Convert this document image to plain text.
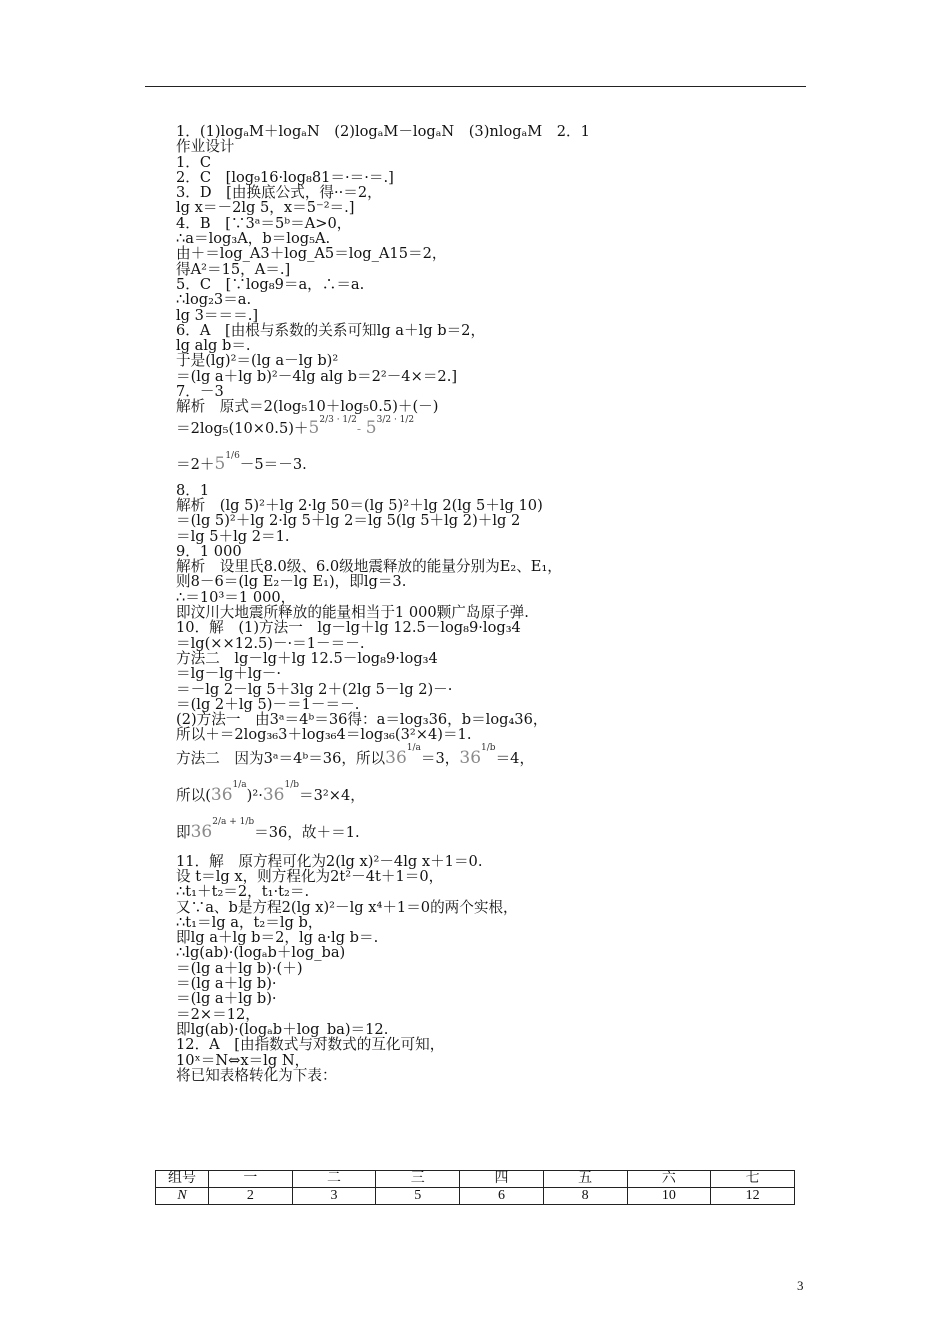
1．(1)logₐM＋logₐN　(2)logₐM－logₐN　(3)nlogₐM　2．1
作业设计
1．C
2．C　[log₉16·log₈81＝·＝·＝.]
3．D　[由换底公式，得··＝2，
lg x＝－2lg 5，x＝5⁻²＝.]
4．B　[∵3ᵃ＝5ᵇ＝A>0，
∴a＝log₃A，b＝log₅A.
由＋＝log_A3＋log_A5＝log_A15＝2，
得A²＝15，A＝.]
5．C　[∵log₈9＝a，∴＝a.
∴log₂3＝a.
lg 3＝＝＝.]
6．A　[由根与系数的关系可知lg a＋lg b＝2，
lg alg b＝.
于是(lg)²＝(lg a－lg b)²
＝(lg a＋lg b)²－4lg alg b＝2²－4×＝2.]
7．－3
解析　原式＝2(log₅10＋log₅0.5)＋(－)
＝2log₅(10×0.5)＋52/3 · 1/2- 53/2 · 1/2
＝2＋51/6－5＝－3.
8．1
解析　(lg 5)²＋lg 2·lg 50＝(lg 5)²＋lg 2(lg 5＋lg 10)
＝(lg 5)²＋lg 2·lg 5＋lg 2＝lg 5(lg 5＋lg 2)＋lg 2
＝lg 5＋lg 2＝1.
9．1 000
解析　设里氏8.0级、6.0级地震释放的能量分别为E₂、E₁，
则8－6＝(lg E₂－lg E₁)，即lg＝3.
∴＝10³＝1 000，
即汶川大地震所释放的能量相当于1 000颗广岛原子弹.
10．解　(1)方法一　lg－lg＋lg 12.5－log₈9·log₃4
＝lg(××12.5)－·＝1－＝－.
方法二　lg－lg＋lg 12.5－log₈9·log₃4
＝lg－lg＋lg－·
＝－lg 2－lg 5＋3lg 2＋(2lg 5－lg 2)－·
＝(lg 2＋lg 5)－＝1－＝－.
(2)方法一　由3ᵃ＝4ᵇ＝36得：a＝log₃36，b＝log₄36，
所以＋＝2log₃₆3＋log₃₆4＝log₃₆(3²×4)＝1.
方法二　因为3ᵃ＝4ᵇ＝36，所以361/a＝3，361/b＝4，
所以(361/a)²·361/b＝3²×4，
即362/a + 1/b＝36，故＋＝1.
11．解　原方程可化为2(lg x)²－4lg x＋1＝0.
设 t＝lg x，则方程化为2t²－4t＋1＝0，
∴t₁＋t₂＝2，t₁·t₂＝.
又∵a、b是方程2(lg x)²－lg x⁴＋1＝0的两个实根，
∴t₁＝lg a，t₂＝lg b，
即lg a＋lg b＝2，lg a·lg b＝.
∴lg(ab)·(logₐb＋log_ba)
＝(lg a＋lg b)·(＋)
＝(lg a＋lg b)·
＝(lg a＋lg b)·
＝2×＝12，
即lg(ab)·(logₐb＋log_ba)＝12.
12．A　[由指数式与对数式的互化可知，
10ˣ＝N⇔x＝lg N，
将已知表格转化为下表：
组号	一	二	三	四	五	六	七
N	2	3	5	6	8	10	12
3
